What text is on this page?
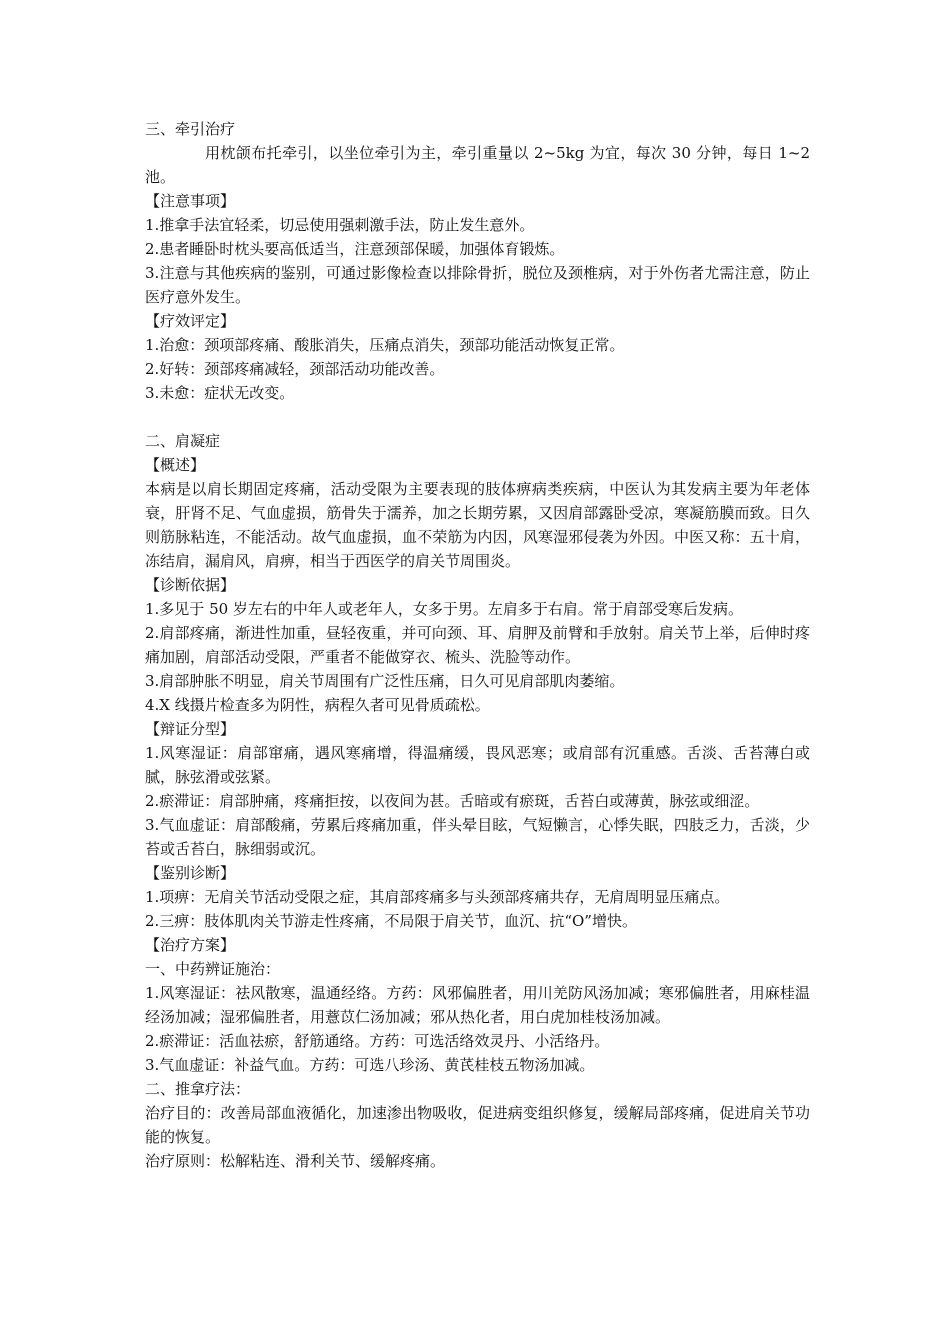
三、牵引治疗

用枕颌布托牵引，以坐位牵引为主，牵引重量以 2~5kg 为宜，每次 30 分钟，每日 1~2 池。

【注意事项】

1.推拿手法宜轻柔，切忌使用强刺激手法，防止发生意外。

2.患者睡卧时枕头要高低适当，注意颈部保暖，加强体育锻炼。

3.注意与其他疾病的鉴别，可通过影像检查以排除骨折，脱位及颈椎病，对于外伤者尤需注意，防止医疗意外发生。

【疗效评定】

1.治愈：颈项部疼痛、酸胀消失，压痛点消失，颈部功能活动恢复正常。

2.好转：颈部疼痛减轻，颈部活动功能改善。

3.未愈：症状无改变。

二、肩凝症

【概述】

本病是以肩长期固定疼痛，活动受限为主要表现的肢体痹病类疾病，中医认为其发病主要为年老体衰，肝肾不足、气血虚损，筋骨失于濡养，加之长期劳累，又因肩部露卧受凉，寒凝筋膜而致。日久则筋脉粘连，不能活动。故气血虚损，血不荣筋为内因，风寒湿邪侵袭为外因。中医又称：五十肩，冻结肩，漏肩风，肩痹，相当于西医学的肩关节周围炎。

【诊断依据】

1.多见于 50 岁左右的中年人或老年人，女多于男。左肩多于右肩。常于肩部受寒后发病。

2.肩部疼痛，渐进性加重，昼轻夜重，并可向颈、耳、肩胛及前臂和手放射。肩关节上举，后伸时疼痛加剧，肩部活动受限，严重者不能做穿衣、梳头、洗脸等动作。

3.肩部肿胀不明显，肩关节周围有广泛性压痛，日久可见肩部肌肉萎缩。

4.X 线摄片检查多为阴性，病程久者可见骨质疏松。

【辩证分型】

1.风寒湿证：肩部窜痛，遇风寒痛增，得温痛缓，畏风恶寒；或肩部有沉重感。舌淡、舌苔薄白或腻，脉弦滑或弦紧。

2.瘀滞证：肩部肿痛，疼痛拒按，以夜间为甚。舌暗或有瘀斑，舌苔白或薄黄，脉弦或细涩。

3.气血虚证：肩部酸痛，劳累后疼痛加重，伴头晕目眩，气短懒言，心悸失眠，四肢乏力，舌淡，少苔或舌苔白，脉细弱或沉。

【鉴别诊断】

1.项痹：无肩关节活动受限之症，其肩部疼痛多与头颈部疼痛共存，无肩周明显压痛点。

2.三痹：肢体肌肉关节游走性疼痛，不局限于肩关节，血沉、抗“O”增快。

【治疗方案】

一、中药辨证施治：

1.风寒湿证：祛风散寒，温通经络。方药：风邪偏胜者，用川羌防风汤加减；寒邪偏胜者，用麻桂温经汤加减；湿邪偏胜者，用薏苡仁汤加减；邪从热化者，用白虎加桂枝汤加减。

2.瘀滞证：活血祛瘀，舒筋通络。方药：可选活络效灵丹、小活络丹。

3.气血虚证：补益气血。方药：可选八珍汤、黄芪桂枝五物汤加减。

二、推拿疗法：

治疗目的：改善局部血液循化，加速渗出物吸收，促进病变组织修复，缓解局部疼痛，促进肩关节功能的恢复。

治疗原则：松解粘连、滑利关节、缓解疼痛。
